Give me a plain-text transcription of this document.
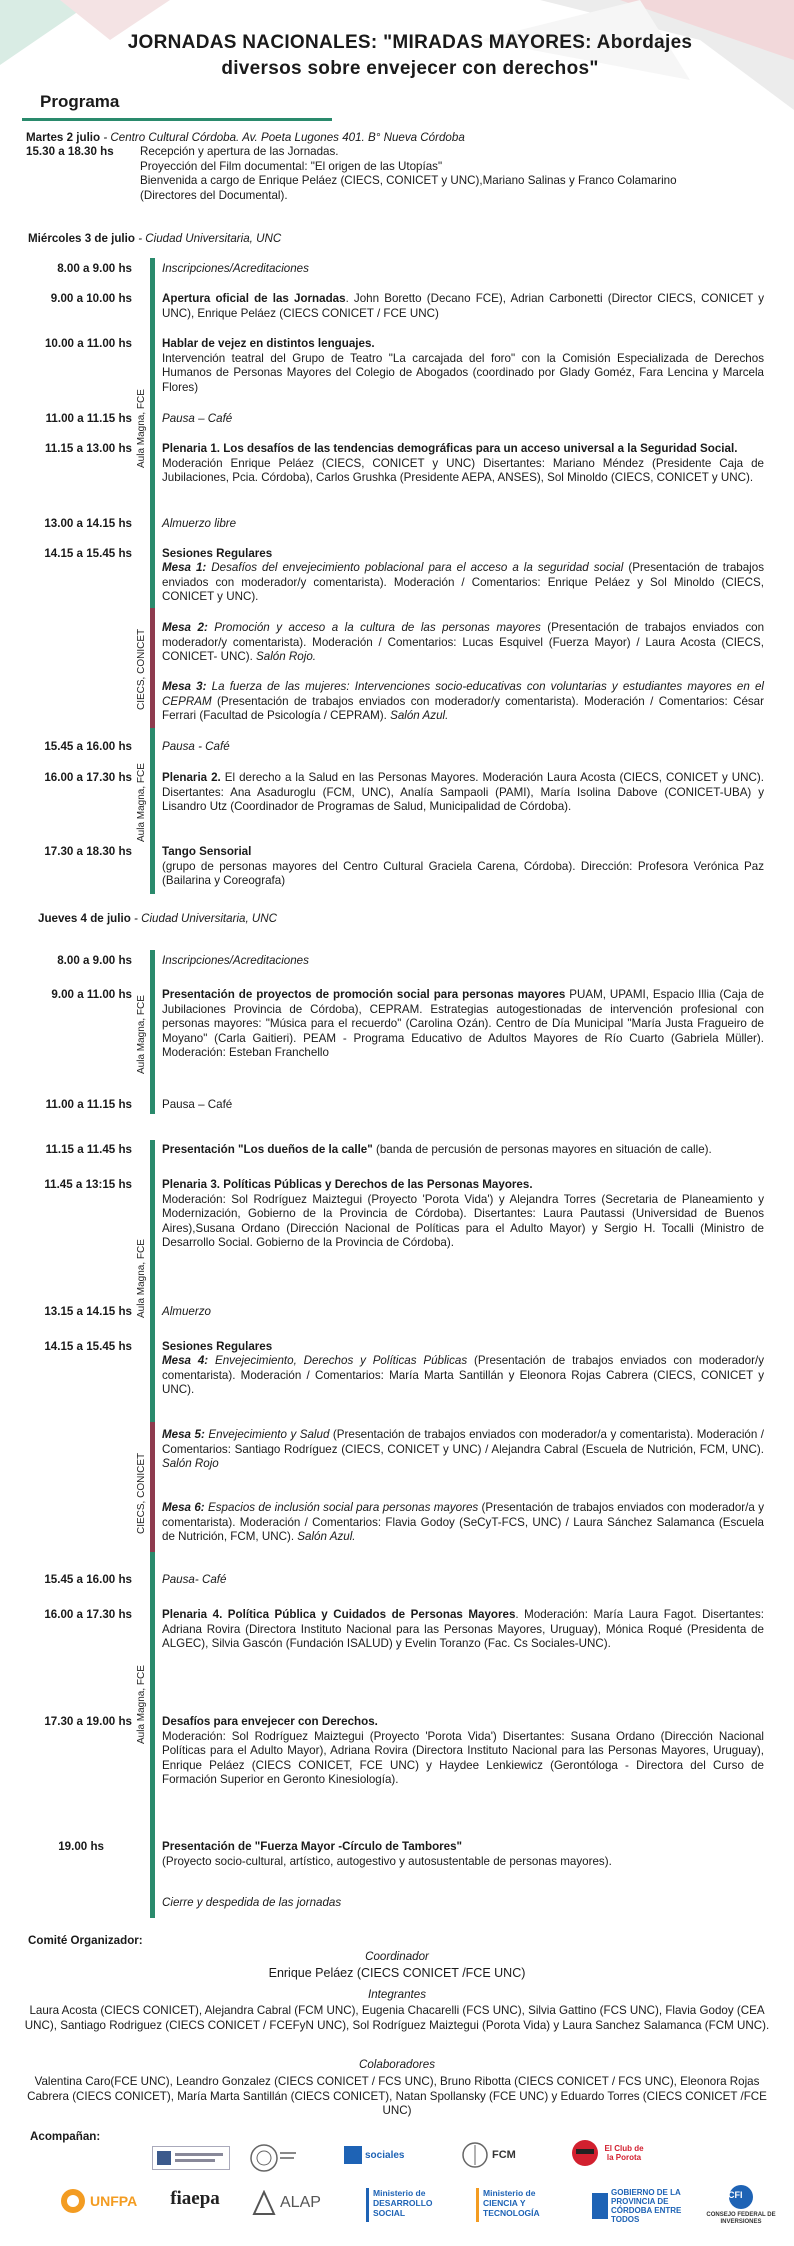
JORNADAS NACIONALES: "MIRADAS MAYORES: Abordajes
diversos sobre envejecer con derechos"
Programa
Martes 2 julio - Centro Cultural Córdoba. Av. Poeta Lugones 401. B° Nueva Córdoba
15.30 a 18.30 hs Recepción y apertura de las Jornadas.
Proyección del Film documental: "El origen de las Utopías"
Bienvenida a cargo de Enrique Peláez (CIECS, CONICET y UNC),Mariano Salinas y Franco Colamarino
(Directores del Documental).
Miércoles 3 de julio - Ciudad Universitaria, UNC
Aula Magna, FCE
CIECS, CONICET
Aula Magna, FCE
8.00 a 9.00 hs	Inscripciones/Acreditaciones
9.00 a 10.00 hs	Apertura oficial de las Jornadas. John Boretto (Decano FCE), Adrian Carbonetti (Director CIECS, CONICET y UNC), Enrique Peláez (CIECS CONICET / FCE UNC)
10.00 a 11.00 hs	Hablar de vejez en distintos lenguajes.
Intervención teatral del Grupo de Teatro "La carcajada del foro" con la Comisión Especializada de Derechos Humanos de Personas Mayores del Colegio de Abogados (coordinado por Glady Goméz, Fara Lencina y Marcela Flores)
11.00 a 11.15 hs	Pausa – Café
11.15 a 13.00 hs	Plenaria 1. Los desafíos de las tendencias demográficas para un acceso universal a la Seguridad Social.
Moderación Enrique Peláez (CIECS, CONICET y UNC) Disertantes: Mariano Méndez (Presidente Caja de Jubilaciones, Pcia. Córdoba), Carlos Grushka (Presidente AEPA, ANSES), Sol Minoldo (CIECS, CONICET y UNC).
13.00 a 14.15 hs	Almuerzo libre
14.15 a 15.45 hs	Sesiones Regulares
Mesa 1: Desafíos del envejecimiento poblacional para el acceso a la seguridad social (Presentación de trabajos enviados con moderador/y comentarista). Moderación / Comentarios: Enrique Peláez y Sol Minoldo (CIECS, CONICET y UNC).
Mesa 2: Promoción y acceso a la cultura de las personas mayores (Presentación de trabajos enviados con moderador/y comentarista). Moderación / Comentarios: Lucas Esquivel (Fuerza Mayor) / Laura Acosta (CIECS, CONICET- UNC). Salón Rojo.
Mesa 3: La fuerza de las mujeres: Intervenciones socio-educativas con voluntarias y estudiantes mayores en el CEPRAM (Presentación de trabajos enviados con moderador/y comentarista). Moderación / Comentarios: César Ferrari (Facultad de Psicología / CEPRAM). Salón Azul.
15.45 a 16.00 hs	Pausa - Café
16.00 a 17.30 hs	Plenaria 2. El derecho a la Salud en las Personas Mayores. Moderación Laura Acosta (CIECS, CONICET y UNC). Disertantes: Ana Asaduroglu (FCM, UNC), Analía Sampaoli (PAMI), María Isolina Dabove (CONICET-UBA) y Lisandro Utz (Coordinador de Programas de Salud, Municipalidad de Córdoba).
17.30 a 18.30 hs	Tango Sensorial
(grupo de personas mayores del Centro Cultural Graciela Carena, Córdoba). Dirección: Profesora Verónica Paz (Bailarina y Coreografa)
Jueves 4 de julio - Ciudad Universitaria, UNC
Aula Magna, FCE
Aula Magna, FCE
CIECS, CONICET
Aula Magna, FCE
8.00 a 9.00 hs	Inscripciones/Acreditaciones
9.00 a 11.00 hs	Presentación de proyectos de promoción social para personas mayores PUAM, UPAMI, Espacio Illia (Caja de Jubilaciones Provincia de Córdoba), CEPRAM. Estrategias autogestionadas de intervención profesional con personas mayores: "Música para el recuerdo" (Carolina Ozán). Centro de Día Municipal "María Justa Fragueiro de Moyano" (Carla Gaitieri). PEAM - Programa Educativo de Adultos Mayores de Río Cuarto (Gabriela Müller). Moderación: Esteban Franchello
11.00 a 11.15 hs	Pausa – Café
11.15 a 11.45 hs	Presentación "Los dueños de la calle" (banda de percusión de personas mayores en situación de calle).
11.45 a 13:15 hs	Plenaria 3. Políticas Públicas y Derechos de las Personas Mayores.
Moderación: Sol Rodríguez Maiztegui (Proyecto 'Porota Vida') y Alejandra Torres (Secretaria de Planeamiento y Modernización, Gobierno de la Provincia de Córdoba). Disertantes: Laura Pautassi (Universidad de Buenos Aires),Susana Ordano (Dirección Nacional de Políticas para el Adulto Mayor) y Sergio H. Tocalli (Ministro de Desarrollo Social. Gobierno de la Provincia de Córdoba).
13.15 a 14.15 hs	Almuerzo
14.15 a 15.45 hs	Sesiones Regulares
Mesa 4: Envejecimiento, Derechos y Políticas Públicas (Presentación de trabajos enviados con moderador/y comentarista). Moderación / Comentarios: María Marta Santillán y Eleonora Rojas Cabrera (CIECS, CONICET y UNC).
Mesa 5: Envejecimiento y Salud (Presentación de trabajos enviados con moderador/a y comentarista). Moderación / Comentarios: Santiago Rodríguez (CIECS, CONICET y UNC) / Alejandra Cabral (Escuela de Nutrición, FCM, UNC). Salón Rojo
Mesa 6: Espacios de inclusión social para personas mayores (Presentación de trabajos enviados con moderador/a y comentarista). Moderación / Comentarios: Flavia Godoy (SeCyT-FCS, UNC) / Laura Sánchez Salamanca (Escuela de Nutrición, FCM, UNC). Salón Azul.
15.45 a 16.00 hs	Pausa- Café
16.00 a 17.30 hs	Plenaria 4. Política Pública y Cuidados de Personas Mayores. Moderación: María Laura Fagot. Disertantes: Adriana Rovira (Directora Instituto Nacional para las Personas Mayores, Uruguay), Mónica Roqué (Presidenta de ALGEC), Silvia Gascón (Fundación ISALUD) y Evelin Toranzo (Fac. Cs Sociales-UNC).
17.30 a 19.00 hs	Desafíos para envejecer con Derechos.
Moderación: Sol Rodríguez Maiztegui (Proyecto 'Porota Vida') Disertantes: Susana Ordano (Dirección Nacional Políticas para el Adulto Mayor), Adriana Rovira (Directora Instituto Nacional para las Personas Mayores, Uruguay), Enrique Peláez (CIECS CONICET, FCE UNC) y Haydee Lenkiewicz (Gerontóloga - Directora del Curso de Formación Superior en Geronto Kinesiología).
19.00 hs	Presentación de "Fuerza Mayor -Círculo de Tambores"
(Proyecto socio-cultural, artístico, autogestivo y autosustentable de personas mayores).
Cierre y despedida de las jornadas
Comité Organizador:
Coordinador
Enrique Peláez (CIECS CONICET /FCE UNC)
Integrantes
Laura Acosta (CIECS CONICET), Alejandra Cabral (FCM UNC), Eugenia Chacarelli (FCS UNC), Silvia Gattino (FCS UNC), Flavia Godoy (CEA UNC), Santiago Rodriguez (CIECS CONICET / FCEFyN UNC), Sol Rodríguez Maiztegui (Porota Vida) y Laura Sanchez Salamanca (FCM UNC).
Colaboradores
Valentina Caro(FCE UNC), Leandro Gonzalez (CIECS CONICET / FCS UNC), Bruno Ribotta (CIECS CONICET / FCS UNC), Eleonora Rojas Cabrera (CIECS CONICET), María Marta Santillán (CIECS CONICET), Natan Spollansky (FCE UNC) y Eduardo Torres (CIECS CONICET /FCE UNC)
Acompañan:
sociales	FCM
El Club de la Porota
UNFPA	fiaepa	ALAP
Ministerio de DESARROLLO SOCIAL
Ministerio de CIENCIA Y TECNOLOGÍA
GOBIERNO DE LA PROVINCIA DE CÓRDOBA ENTRE TODOS
CFI
CONSEJO FEDERAL DE INVERSIONES
